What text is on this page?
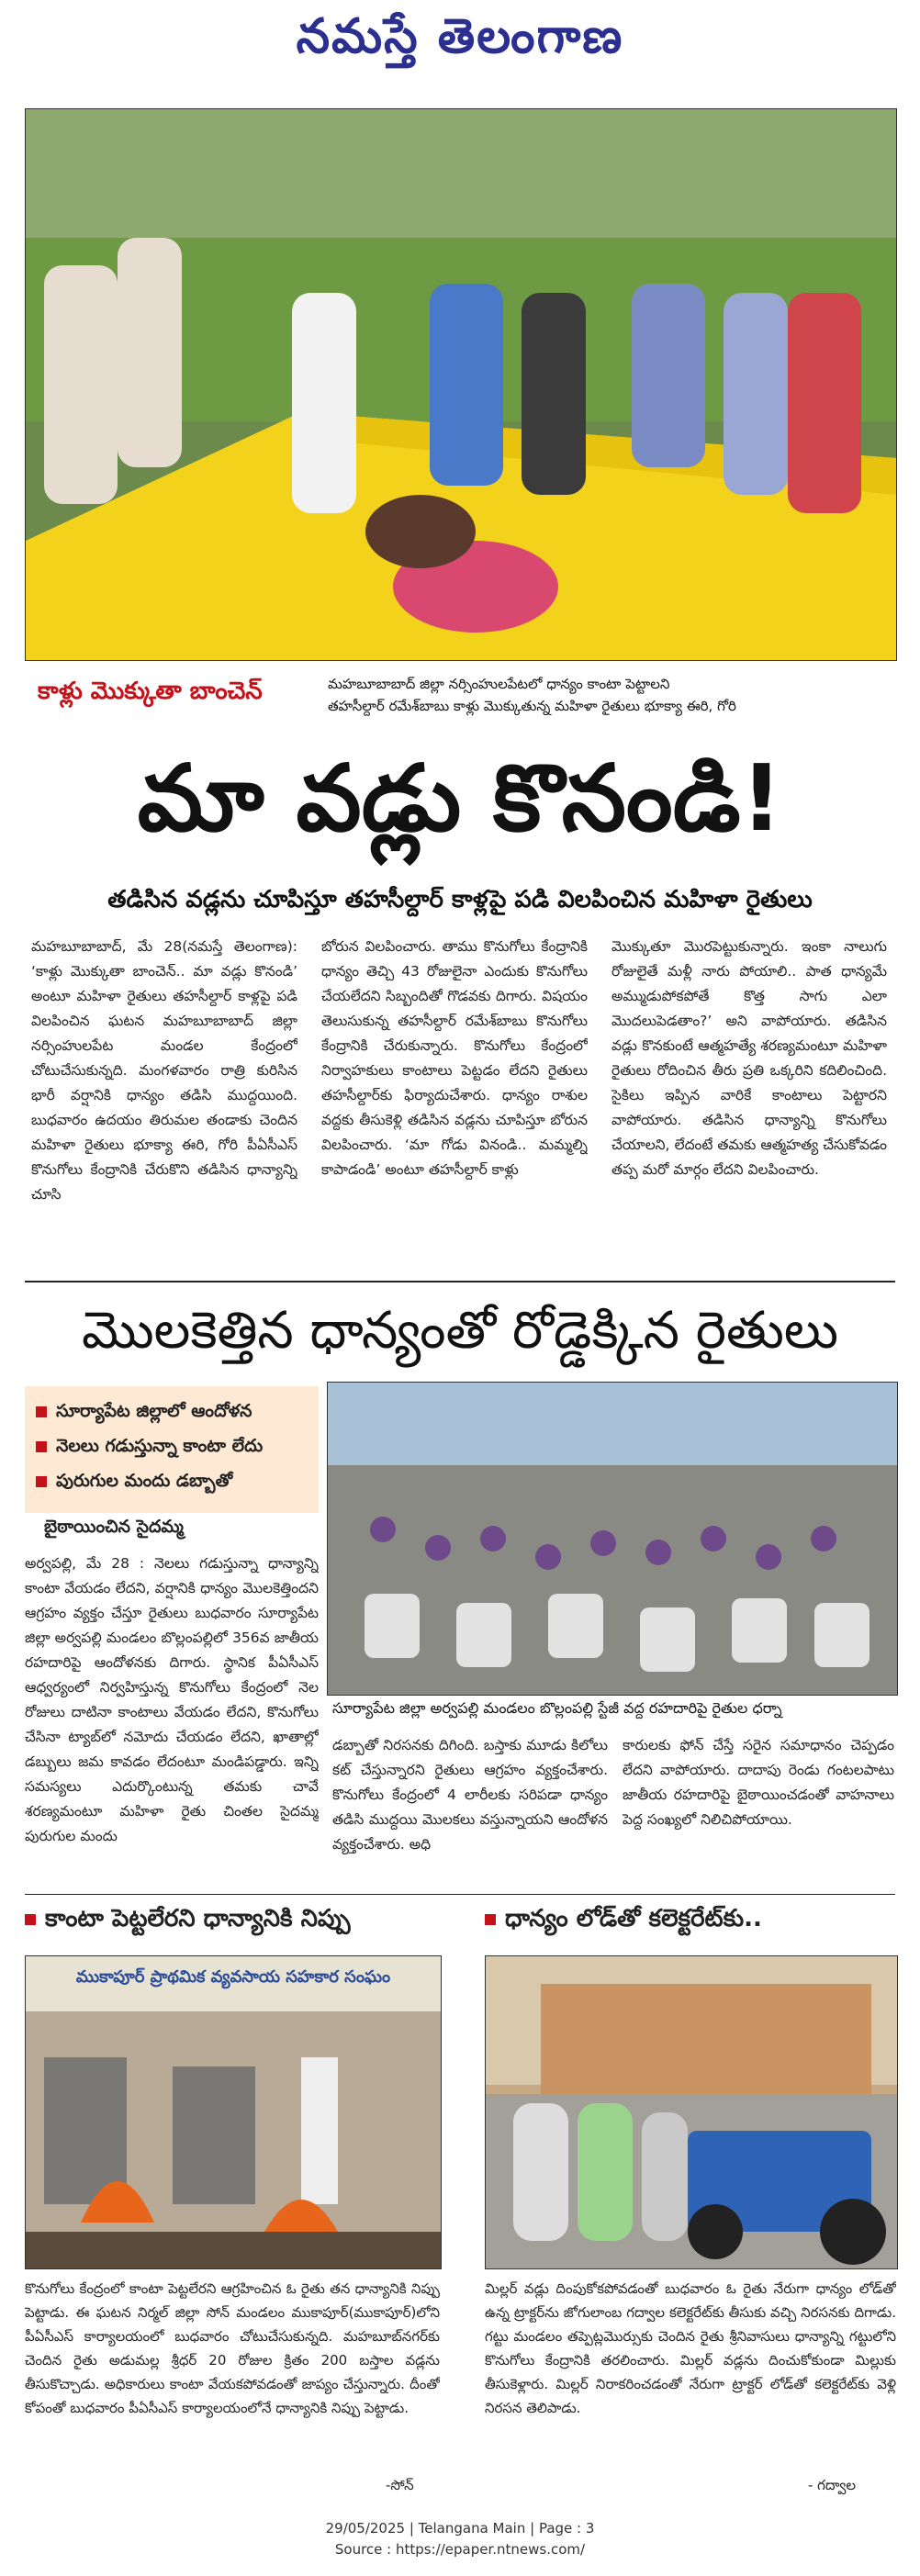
నమస్తే తెలంగాణ
కాళ్లు మొక్కుతా బాంచెన్	మహబూబాబాద్ జిల్లా నర్సింహులపేటలో ధాన్యం కాంటా పెట్టాలని
తహసీల్దార్ రమేశ్‌బాబు కాళ్లు మొక్కుతున్న మహిళా రైతులు భూక్యా ఈరి, గోరి
మా వడ్లు కొనండి!
తడిసిన వడ్లను చూపిస్తూ తహసీల్దార్ కాళ్లపై పడి విలపించిన మహిళా రైతులు
మహబూబాబాద్, మే 28(నమస్తే తెలంగాణ): ‘కాళ్లు మొక్కుతా బాంచెన్.. మా వడ్లు కొనండి’ అంటూ మహిళా రైతులు తహసీల్దార్ కాళ్లపై పడి విలపించిన ఘటన మహబూబాబాద్ జిల్లా నర్సింహులపేట మండల కేంద్రంలో చోటుచేసుకున్నది. మంగళవారం రాత్రి కురిసిన భారీ వర్షానికి ధాన్యం తడిసి ముద్దయింది. బుధవారం ఉదయం తిరుమల తండాకు చెందిన మహిళా రైతులు భూక్యా ఈరి, గోరి పీఏసీఎస్ కొనుగోలు కేంద్రానికి చేరుకొని తడిసిన ధాన్యాన్ని చూసి
బోరున విలపించారు. తాము కొనుగోలు కేంద్రానికి ధాన్యం తెచ్చి 43 రోజులైనా ఎందుకు కొనుగోలు చేయలేదని సిబ్బందితో గొడవకు దిగారు. విషయం తెలుసుకున్న తహసీల్దార్ రమేశ్‌బాబు కొనుగోలు కేంద్రానికి చేరుకున్నారు. కొనుగోలు కేంద్రంలో నిర్వాహకులు కాంటాలు పెట్టడం లేదని రైతులు తహసీల్దార్‌కు ఫిర్యాదుచేశారు. ధాన్యం రాశుల వద్దకు తీసుకెళ్లి తడిసిన వడ్లను చూపిస్తూ బోరున విలపించారు. ‘మా గోడు వినండి.. మమ్మల్ని కాపాడండి’ అంటూ తహసీల్దార్ కాళ్లు
మొక్కుతూ మొరపెట్టుకున్నారు. ఇంకా నాలుగు రోజులైతే మళ్లీ నారు పోయాలి.. పాత ధాన్యమే అమ్ముడుపోకపోతే కొత్త సాగు ఎలా మొదలుపెడతాం?’ అని వాపోయారు. తడిసిన వడ్లు కొనకుంటే ఆత్మహత్యే శరణ్యమంటూ మహిళా రైతులు రోదించిన తీరు ప్రతి ఒక్కరిని కదిలించింది. సైకిలు ఇప్పిన వారికే కాంటాలు పెట్టారని వాపోయారు. తడిసిన ధాన్యాన్ని కొనుగోలు చేయాలని, లేదంటే తమకు ఆత్మహత్య చేసుకోవడం తప్ప మరో మార్గం లేదని విలపించారు.
మొలకెత్తిన ధాన్యంతో రోడ్డెక్కిన రైతులు
సూర్యాపేట జిల్లాలో ఆందోళన
నెలలు గడుస్తున్నా కాంటా లేదు
పురుగుల మందు డబ్బాతో
బైఠాయించిన సైదమ్మ
అర్వపల్లి, మే 28 : నెలలు గడుస్తున్నా ధాన్యాన్ని కాంటా వేయడం లేదని, వర్షానికి ధాన్యం మొలకెత్తిందని ఆగ్రహం వ్యక్తం చేస్తూ రైతులు బుధవారం సూర్యాపేట జిల్లా అర్వపల్లి మండలం బొల్లంపల్లిలో 356వ జాతీయ రహదారిపై ఆందోళనకు దిగారు. స్థానిక పీఏసీఎస్ ఆధ్వర్యంలో నిర్వహిస్తున్న కొనుగోలు కేంద్రంలో నెల రోజులు దాటినా కాంటాలు వేయడం లేదని, కొనుగోలు చేసినా ట్యాబ్‌లో నమోదు చేయడం లేదని, ఖాతాల్లో డబ్బులు జమ కావడం లేదంటూ మండిపడ్డారు. ఇన్ని సమస్యలు ఎదుర్కొంటున్న తమకు చావే శరణ్యమంటూ మహిళా రైతు చింతల సైదమ్మ పురుగుల మందు
సూర్యాపేట జిల్లా అర్వపల్లి మండలం బొల్లంపల్లి స్టేజీ వద్ద రహదారిపై రైతుల ధర్నా
డబ్బాతో నిరసనకు దిగింది. బస్తాకు మూడు కిలోలు కట్ చేస్తున్నారని రైతులు ఆగ్రహం వ్యక్తంచేశారు. కొనుగోలు కేంద్రంలో 4 లారీలకు సరిపడా ధాన్యం తడిసి ముద్దయి మొలకలు వస్తున్నాయని ఆందోళన వ్యక్తంచేశారు. అధి
కారులకు ఫోన్ చేస్తే సరైన సమాధానం చెప్పడం లేదని వాపోయారు. దాదాపు రెండు గంటలపాటు జాతీయ రహదారిపై బైఠాయించడంతో వాహనాలు పెద్ద సంఖ్యలో నిలిచిపోయాయి.
కాంటా పెట్టలేరని ధాన్యానికి నిప్పు
ముకాపూర్ ప్రాథమిక వ్యవసాయ సహకార సంఘం
కొనుగోలు కేంద్రంలో కాంటా పెట్టలేరని ఆగ్రహించిన ఓ రైతు తన ధాన్యానికి నిప్పు పెట్టాడు. ఈ ఘటన నిర్మల్ జిల్లా సోన్ మండలం ముకాపూర్(ముకాపూర్)లోని పీఏసీఎస్ కార్యాలయంలో బుధవారం చోటుచేసుకున్నది. మహబూబ్‌నగర్‌కు చెందిన రైతు అడుమల్ల శ్రీధర్ 20 రోజుల క్రితం 200 బస్తాల వడ్లను తీసుకొచ్చాడు. అధికారులు కాంటా వేయకపోవడంతో జాప్యం చేస్తున్నారు. దీంతో కోపంతో బుధవారం పీఏసీఎస్ కార్యాలయంలోనే ధాన్యానికి నిప్పు పెట్టాడు.
-సోన్
ధాన్యం లోడ్‌తో కలెక్టరేట్‌కు..
మిల్లర్ వడ్లు దింపుకోకపోవడంతో బుధవారం ఓ రైతు నేరుగా ధాన్యం లోడ్‌తో ఉన్న ట్రాక్టర్‌ను జోగులాంబ గద్వాల కలెక్టరేట్‌కు తీసుకు వచ్చి నిరసనకు దిగాడు. గట్టు మండలం తప్పెట్లమొర్సుకు చెందిన రైతు శ్రీనివాసులు ధాన్యాన్ని గట్టులోని కొనుగోలు కేంద్రానికి తరలించారు. మిల్లర్ వడ్లను దించుకోకుండా మిల్లుకు తీసుకెళ్లారు. మిల్లర్ నిరాకరించడంతో నేరుగా ట్రాక్టర్ లోడ్‌తో కలెక్టరేట్‌కు వెళ్లి నిరసన తెలిపాడు.
- గద్వాల
29/05/2025 | Telangana Main | Page : 3
Source : https://epaper.ntnews.com/
